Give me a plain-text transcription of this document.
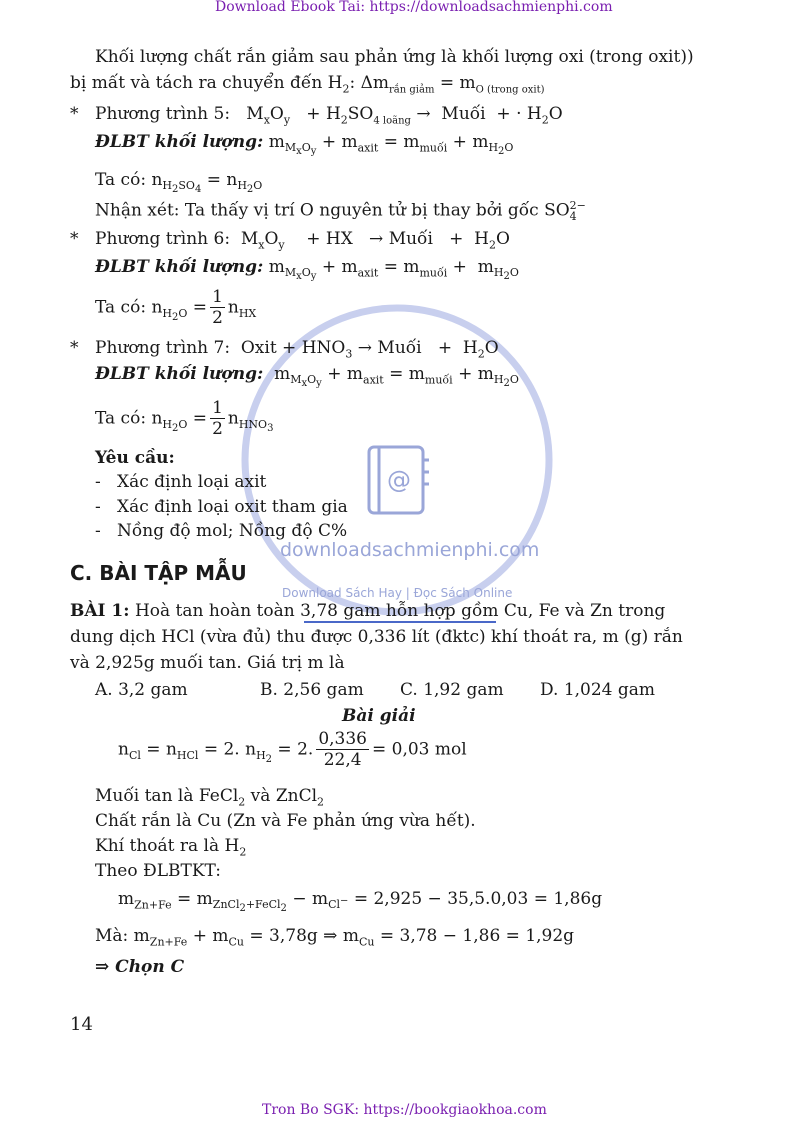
Download Ebook Tai: https://downloadsachmienphi.com
Tron Bo SGK: https://bookgiaokhoa.com
@
downloadsachmienphi.com
Download Sách Hay | Đọc Sách Online
Khối lượng chất rắn giảm sau phản ứng là khối lượng oxi (trong oxit))
bị mất và tách ra chuyển đến $H_2$: $\Delta m_{rắn giảm} = m_{O (trong oxit)}$
* Phương trình 5: $M_xO_y + H_2SO_{4 loãng}$ → Muối  + · $H_2O$
ĐLBT khối lượng: $m_{M_xO_y} + m_{axit} = m_{muối} + m_{H_2O}$
Ta có: $n_{H_2SO_4} = n_{H_2O}$
Nhận xét: Ta thấy vị trí O nguyên tử bị thay bởi gốc SO 2−
4
* Phương trình 6:  $M_xO_y$    + HX   → Muối   +  $H_2O$
ĐLBT khối lượng: $m_{M_xO_y} + m_{axit} = m_{muối} + m_{H_2O}$
Ta có: $n_{H_2O} = \frac{1}{2} n_{HX}$
* Phương trình 7: Oxit + $HNO_3$ → Muối   +  $H_2O$
ĐLBT khối lượng: $m_{M_xO_y} + m_{axit} = m_{muối} + m_{H_2O}$
Ta có: $n_{H_2O} = \frac{1}{2} n_{HNO_3}$
Yêu cầu:
-   Xác định loại axit
-   Xác định loại oxit tham gia
-   Nồng độ mol; Nồng độ C%
C. BÀI TẬP MẪU
BÀI 1: Hoà tan hoàn toàn 3,78 gam hỗn hợp gồm Cu, Fe và Zn trong
dung dịch HCl (vừa đủ) thu được 0,336 lít (đktc) khí thoát ra, m (g) rắn
và 2,925g muối tan. Giá trị m là
A. 3,2 gam	B. 2,56 gam C. 1,92 gam D. 1,024 gam
Bài giải
$n_{Cl} = n_{HCl} = 2$. $n_{H_2} = 2$. $\frac{0,336}{22,4} = 0,03$ mol
Muối tan là FeCl$_2$ và ZnCl$_2$
Chất rắn là Cu (Zn và Fe phản ứng vừa hết).
Khí thoát ra là $H_2$
Theo ĐLBTKT:
$m_{Zn+Fe} = m_{ZnCl_2+FeCl_2} - m_{Cl^-} = 2,925 - 35,5.0,03 = 1,86g$
Mà: $m_{Zn+Fe} + m_{Cu} = 3,78g$ ⇒ $m_{Cu} = 3,78 - 1,86 = 1,92g$
⇒ Chọn C
14
